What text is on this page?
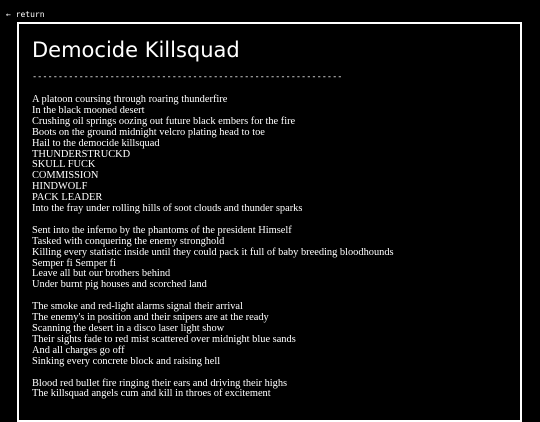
← return
Democide Killsquad
------------------------------------------------------------
A platoon coursing through roaring thunderfire
In the black mooned desert
Crushing oil springs oozing out future black embers for the fire
Boots on the ground midnight velcro plating head to toe
Hail to the democide killsquad
THUNDERSTRUCKD
SKULL FUCK
COMMISSION
HINDWOLF
PACK LEADER
Into the fray under rolling hills of soot clouds and thunder sparks
Sent into the inferno by the phantoms of the president Himself
Tasked with conquering the enemy stronghold
Killing every statistic inside until they could pack it full of baby breeding bloodhounds
Semper fi Semper fi
Leave all but our brothers behind
Under burnt pig houses and scorched land
The smoke and red-light alarms signal their arrival
The enemy's in position and their snipers are at the ready
Scanning the desert in a disco laser light show
Their sights fade to red mist scattered over midnight blue sands
And all charges go off
Sinking every concrete block and raising hell
Blood red bullet fire ringing their ears and driving their highs
The killsquad angels cum and kill in throes of excitement
